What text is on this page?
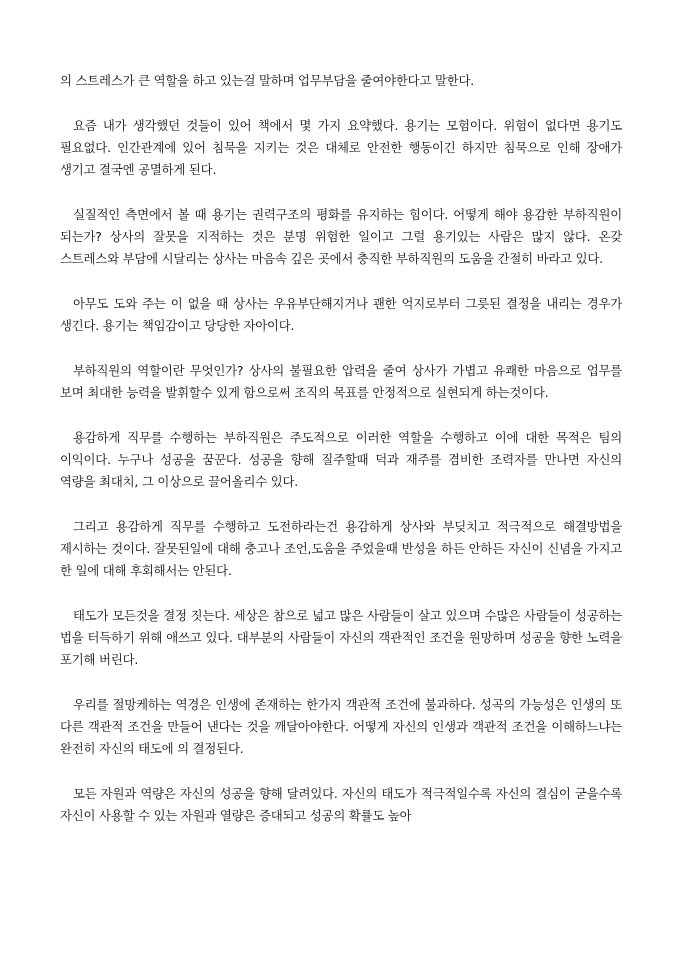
의 스트레스가 큰 역할을 하고 있는걸 말하며 업무부담을 줄여야한다고 말한다.

요즘 내가 생각했던 것들이 있어 책에서 몇 가지 요약했다. 용기는 모험이다. 위험이 없다면 용기도 필요없다. 인간관계에 있어 침묵을 지키는 것은 대체로 안전한 행동이긴 하지만 침묵으로 인해 장애가 생기고 결국엔 공멸하게 된다.

실질적인 측면에서 볼 때 용기는 권력구조의 평화를 유지하는 힘이다. 어떻게 해야 용감한 부하직원이 되는가? 상사의 잘못을 지적하는 것은 분명 위험한 일이고 그럴 용기있는 사람은 많지 않다. 온갖 스트레스와 부담에 시달리는 상사는 마음속 깊은 곳에서 충직한 부하직원의 도움을 간절히 바라고 있다.

아무도 도와 주는 이 없을 때 상사는 우유부단해지거나 괜한 억지로부터 그릇된 결정을 내리는 경우가 생긴다. 용기는 책임감이고 당당한 자아이다.

부하직원의 역할이란 무엇인가? 상사의 불필요한 압력을 줄여 상사가 가볍고 유쾌한 마음으로 업무를 보며 최대한 능력을 발휘할수 있게 함으로써 조직의 목표를 안정적으로 실현되게 하는것이다.

용감하게 직무를 수행하는 부하직원은 주도적으로 이러한 역할을 수행하고 이에 대한 목적은 팀의 이익이다. 누구나 성공을 꿈꾼다. 성공을 향해 질주할때 덕과 재주를 겸비한 조력자를 만나면 자신의 역량을 최대치, 그 이상으로 끌어올리수 있다.

그리고 용감하게 직무를 수행하고 도전하라는건 용감하게 상사와 부딪치고 적극적으로 해결방법을 제시하는 것이다. 잘못된일에 대해 충고나 조언,도움을 주었을때 반성을 하든 안하든 자신이 신념을 가지고 한 일에 대해 후회해서는 안된다.

태도가 모든것을 결정 짓는다. 세상은 참으로 넓고 많은 사람들이 살고 있으며 수많은 사람들이 성공하는 법을 터득하기 위해 애쓰고 있다. 대부분의 사람들이 자신의 객관적인 조건을 원망하며 성공을 향한 노력을 포기해 버린다.

우리를 절망케하는 역경은 인생에 존재하는 한가지 객관적 조건에 불과하다. 성곡의 가능성은 인생의 또 다른 객관적 조건을 만들어 낸다는 것을 깨달아야한다. 어떻게 자신의 인생과 객관적 조건을 이해하느냐는 완전히 자신의 태도에 의 결정된다.

모든 자원과 역량은 자신의 성공을 향해 달려있다. 자신의 태도가 적극적일수록 자신의 결심이 굳을수록 자신이 사용할 수 있는 자원과 열량은 증대되고 성공의 확률도 높아
